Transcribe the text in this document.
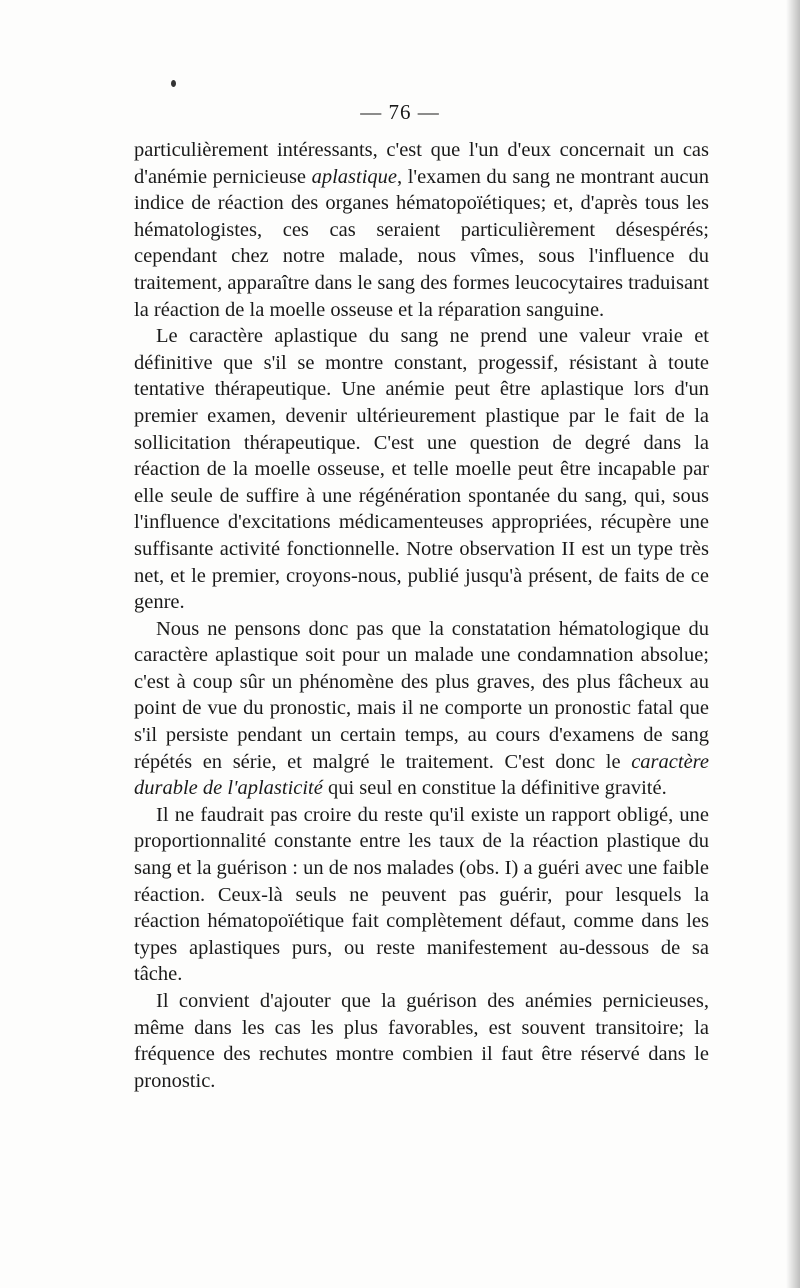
— 76 —

particulièrement intéressants, c'est que l'un d'eux concernait un cas d'anémie pernicieuse aplastique, l'examen du sang ne montrant aucun indice de réaction des organes hématopoïétiques; et, d'après tous les hématologistes, ces cas seraient particulièrement désespérés; cependant chez notre malade, nous vîmes, sous l'influence du traitement, apparaître dans le sang des formes leucocytaires traduisant la réaction de la moelle osseuse et la réparation sanguine.

Le caractère aplastique du sang ne prend une valeur vraie et définitive que s'il se montre constant, progessif, résistant à toute tentative thérapeutique. Une anémie peut être aplastique lors d'un premier examen, devenir ultérieurement plastique par le fait de la sollicitation thérapeutique. C'est une question de degré dans la réaction de la moelle osseuse, et telle moelle peut être incapable par elle seule de suffire à une régénération spontanée du sang, qui, sous l'influence d'excitations médicamenteuses appropriées, récupère une suffisante activité fonctionnelle. Notre observation II est un type très net, et le premier, croyons-nous, publié jusqu'à présent, de faits de ce genre.

Nous ne pensons donc pas que la constatation hématologique du caractère aplastique soit pour un malade une condamnation absolue; c'est à coup sûr un phénomène des plus graves, des plus fâcheux au point de vue du pronostic, mais il ne comporte un pronostic fatal que s'il persiste pendant un certain temps, au cours d'examens de sang répétés en série, et malgré le traitement. C'est donc le caractère durable de l'aplasticité qui seul en constitue la définitive gravité.

Il ne faudrait pas croire du reste qu'il existe un rapport obligé, une proportionnalité constante entre les taux de la réaction plastique du sang et la guérison : un de nos malades (obs. I) a guéri avec une faible réaction. Ceux-là seuls ne peuvent pas guérir, pour lesquels la réaction hématopoïétique fait complètement défaut, comme dans les types aplastiques purs, ou reste manifestement au-dessous de sa tâche.

Il convient d'ajouter que la guérison des anémies pernicieuses, même dans les cas les plus favorables, est souvent transitoire; la fréquence des rechutes montre combien il faut être réservé dans le pronostic.
